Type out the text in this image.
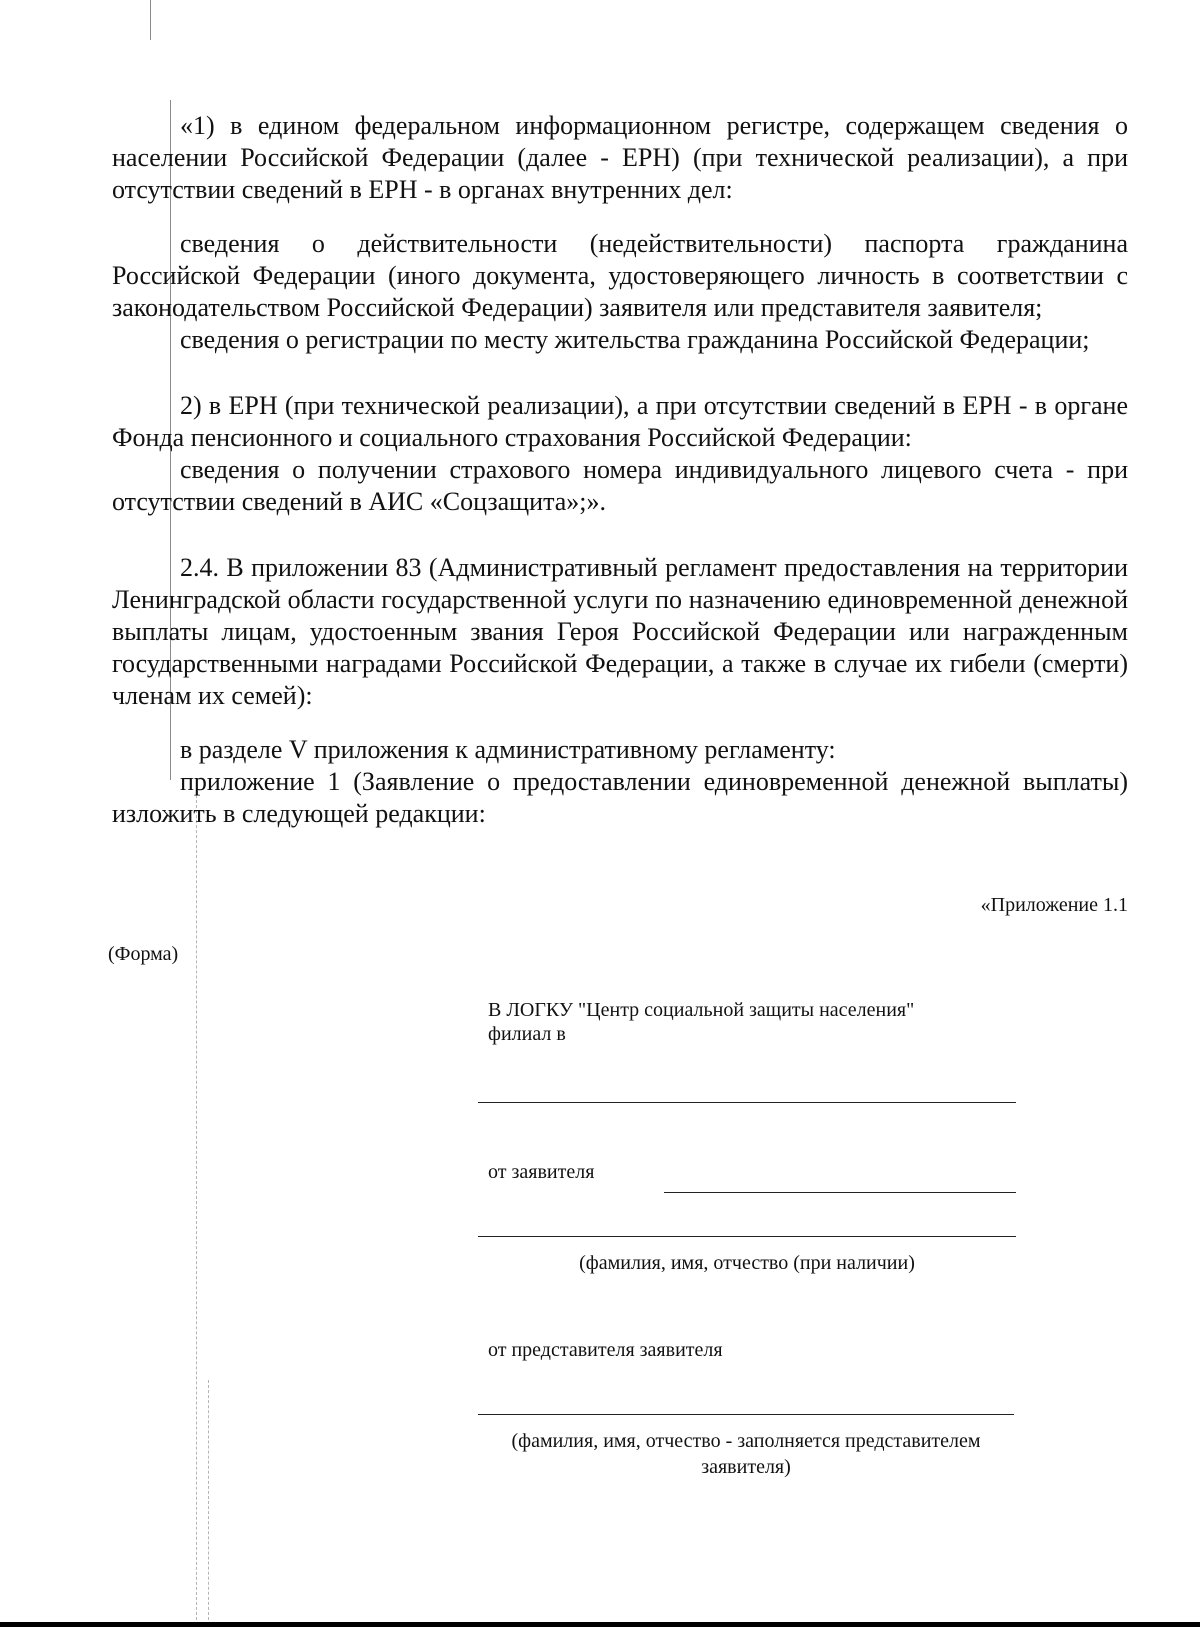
«1) в едином федеральном информационном регистре, содержащем сведения о населении Российской Федерации (далее - ЕРН) (при технической реализации), а при отсутствии сведений в ЕРН - в органах внутренних дел:

сведения о действительности (недействительности) паспорта гражданина Российской Федерации (иного документа, удостоверяющего личность в соответствии с законодательством Российской Федерации) заявителя или представителя заявителя;

сведения о регистрации по месту жительства гражданина Российской Федерации;

2) в ЕРН (при технической реализации), а при отсутствии сведений в ЕРН - в органе Фонда пенсионного и социального страхования Российской Федерации:

сведения о получении страхового номера индивидуального лицевого счета - при отсутствии сведений в АИС «Соцзащита»;».

2.4. В приложении 83 (Административный регламент предоставления на территории Ленинградской области государственной услуги по назначению единовременной денежной выплаты лицам, удостоенным звания Героя Российской Федерации или награжденным государственными наградами Российской Федерации, а также в случае их гибели (смерти) членам их семей):

в разделе V приложения к административному регламенту:

приложение 1 (Заявление о предоставлении единовременной денежной выплаты) изложить в следующей редакции:

«Приложение 1.1
(Форма)
В ЛОГКУ "Центр социальной защиты населения"
филиал в
от заявителя
(фамилия, имя, отчество (при наличии)
от представителя заявителя
(фамилия, имя, отчество - заполняется представителем
заявителя)
